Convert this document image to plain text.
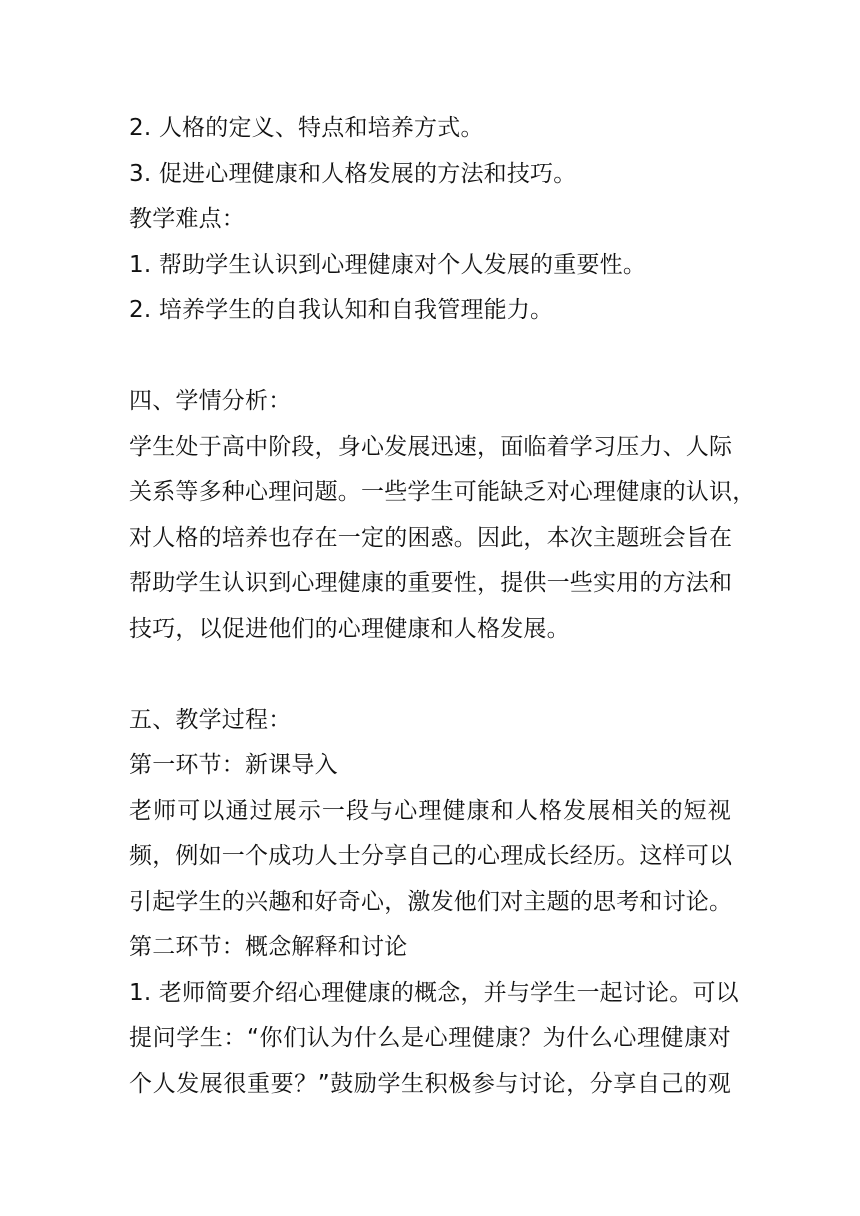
2. 人格的定义、特点和培养方式。
3. 促进心理健康和人格发展的方法和技巧。
教学难点：
1. 帮助学生认识到心理健康对个人发展的重要性。
2. 培养学生的自我认知和自我管理能力。
四、学情分析：
学生处于高中阶段，身心发展迅速，面临着学习压力、人际
关系等多种心理问题。一些学生可能缺乏对心理健康的认识，
对人格的培养也存在一定的困惑。因此，本次主题班会旨在
帮助学生认识到心理健康的重要性，提供一些实用的方法和
技巧，以促进他们的心理健康和人格发展。
五、教学过程：
第一环节：新课导入
老师可以通过展示一段与心理健康和人格发展相关的短视
频，例如一个成功人士分享自己的心理成长经历。这样可以
引起学生的兴趣和好奇心，激发他们对主题的思考和讨论。
第二环节：概念解释和讨论
1. 老师简要介绍心理健康的概念，并与学生一起讨论。可以
提问学生：“你们认为什么是心理健康？为什么心理健康对
个人发展很重要？”鼓励学生积极参与讨论，分享自己的观
